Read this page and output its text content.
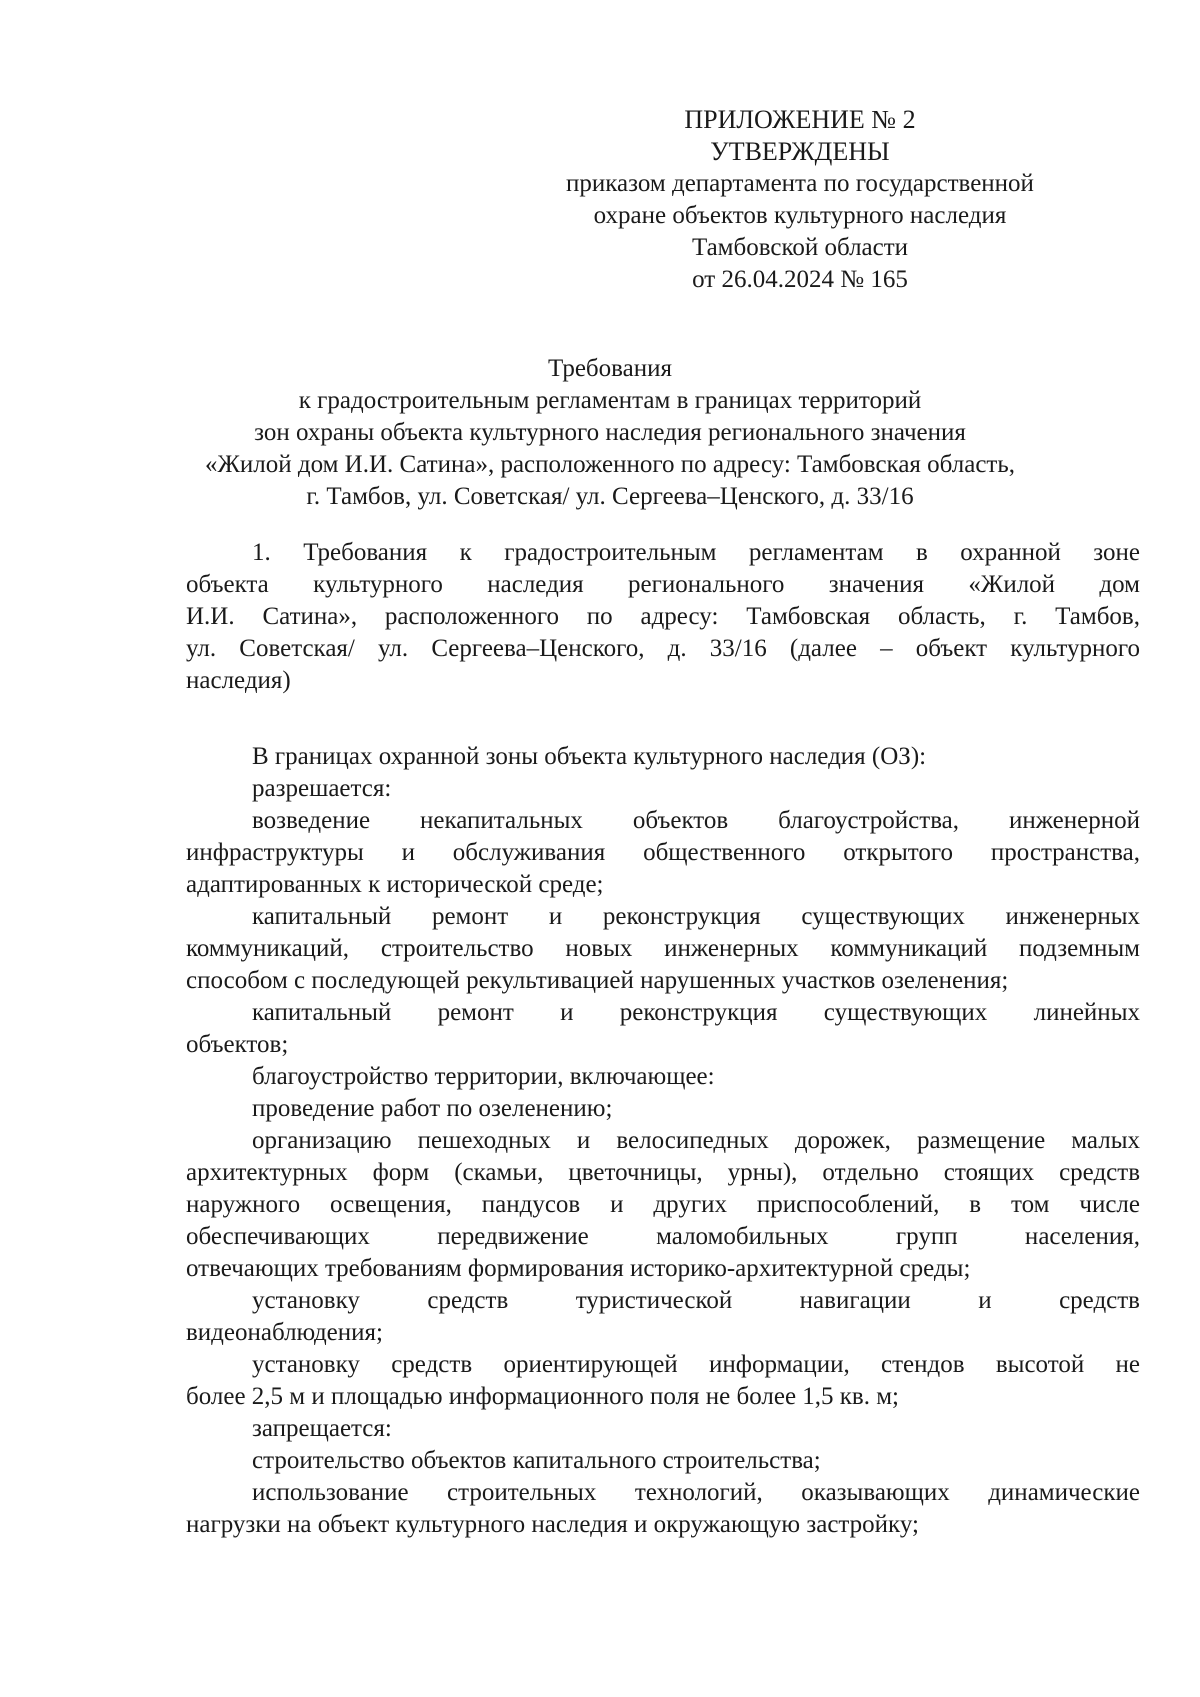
ПРИЛОЖЕНИЕ № 2
УТВЕРЖДЕНЫ
приказом департамента по государственной
охране объектов культурного наследия
Тамбовской области
от 26.04.2024 № 165
Требования
к градостроительным регламентам в границах территорий
зон охраны объекта культурного наследия регионального значения
«Жилой дом И.И. Сатина», расположенного по адресу: Тамбовская область,
г. Тамбов, ул. Советская/ ул. Сергеева–Ценского, д. 33/16
1. Требования к градостроительным регламентам в охранной зоне
объекта культурного наследия регионального значения «Жилой дом
И.И. Сатина», расположенного по адресу: Тамбовская область, г. Тамбов,
ул. Советская/ ул. Сергеева–Ценского, д. 33/16 (далее – объект культурного
наследия)
В границах охранной зоны объекта культурного наследия (ОЗ):
разрешается:
возведение некапитальных объектов благоустройства, инженерной
инфраструктуры и обслуживания общественного открытого пространства,
адаптированных к исторической среде;
капитальный ремонт и реконструкция существующих инженерных
коммуникаций, строительство новых инженерных коммуникаций подземным
способом с последующей рекультивацией нарушенных участков озеленения;
капитальный ремонт и реконструкция существующих линейных
объектов;
благоустройство территории, включающее:
проведение работ по озеленению;
организацию пешеходных и велосипедных дорожек, размещение малых
архитектурных форм (скамьи, цветочницы, урны), отдельно стоящих средств
наружного освещения, пандусов и других приспособлений, в том числе
обеспечивающих передвижение маломобильных групп населения,
отвечающих требованиям формирования историко-архитектурной среды;
установку средств туристической навигации и средств
видеонаблюдения;
установку средств ориентирующей информации, стендов высотой не
более 2,5 м и площадью информационного поля не более 1,5 кв. м;
запрещается:
строительство объектов капитального строительства;
использование строительных технологий, оказывающих динамические
нагрузки на объект культурного наследия и окружающую застройку;
